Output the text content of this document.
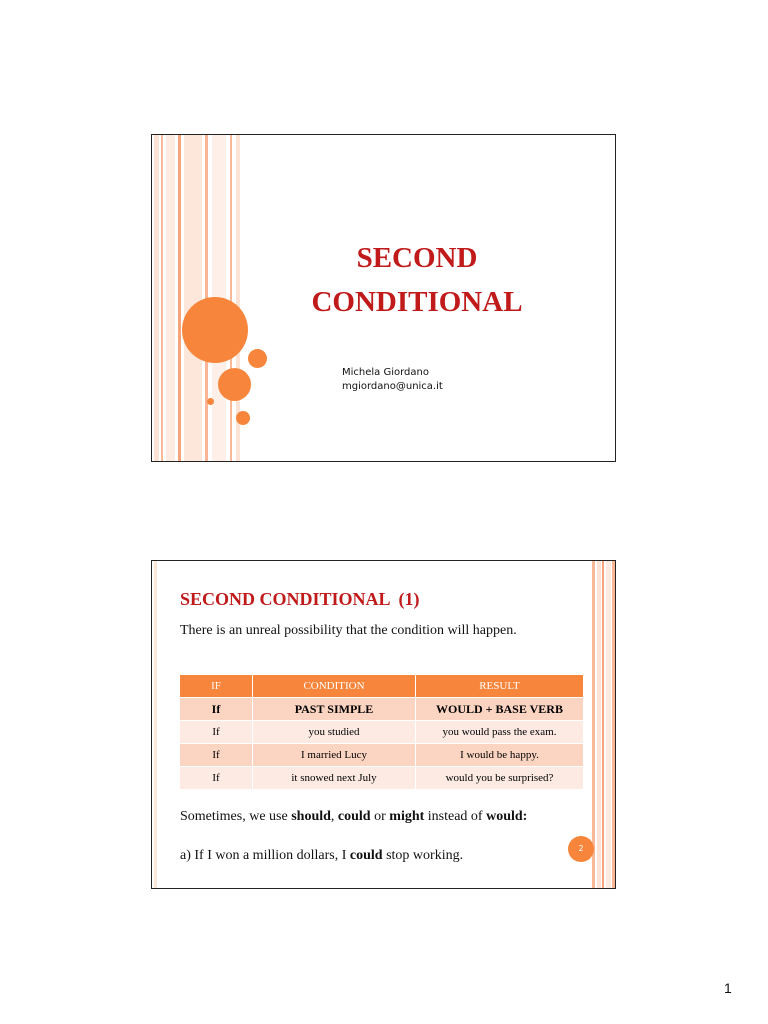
SECOND
CONDITIONAL
Michela Giordano
mgiordano@unica.it
SECOND CONDITIONAL  (1)
There is an unreal possibility that the condition will happen.
IF	CONDITION	RESULT
If	PAST SIMPLE	WOULD + BASE VERB
If	you studied	you would pass the exam.
If	I married Lucy	I would be happy.
If	it snowed next July	would you be surprised?
Sometimes, we use should, could or might instead of would:
a) If I won a million dollars, I could stop working.	2
1
